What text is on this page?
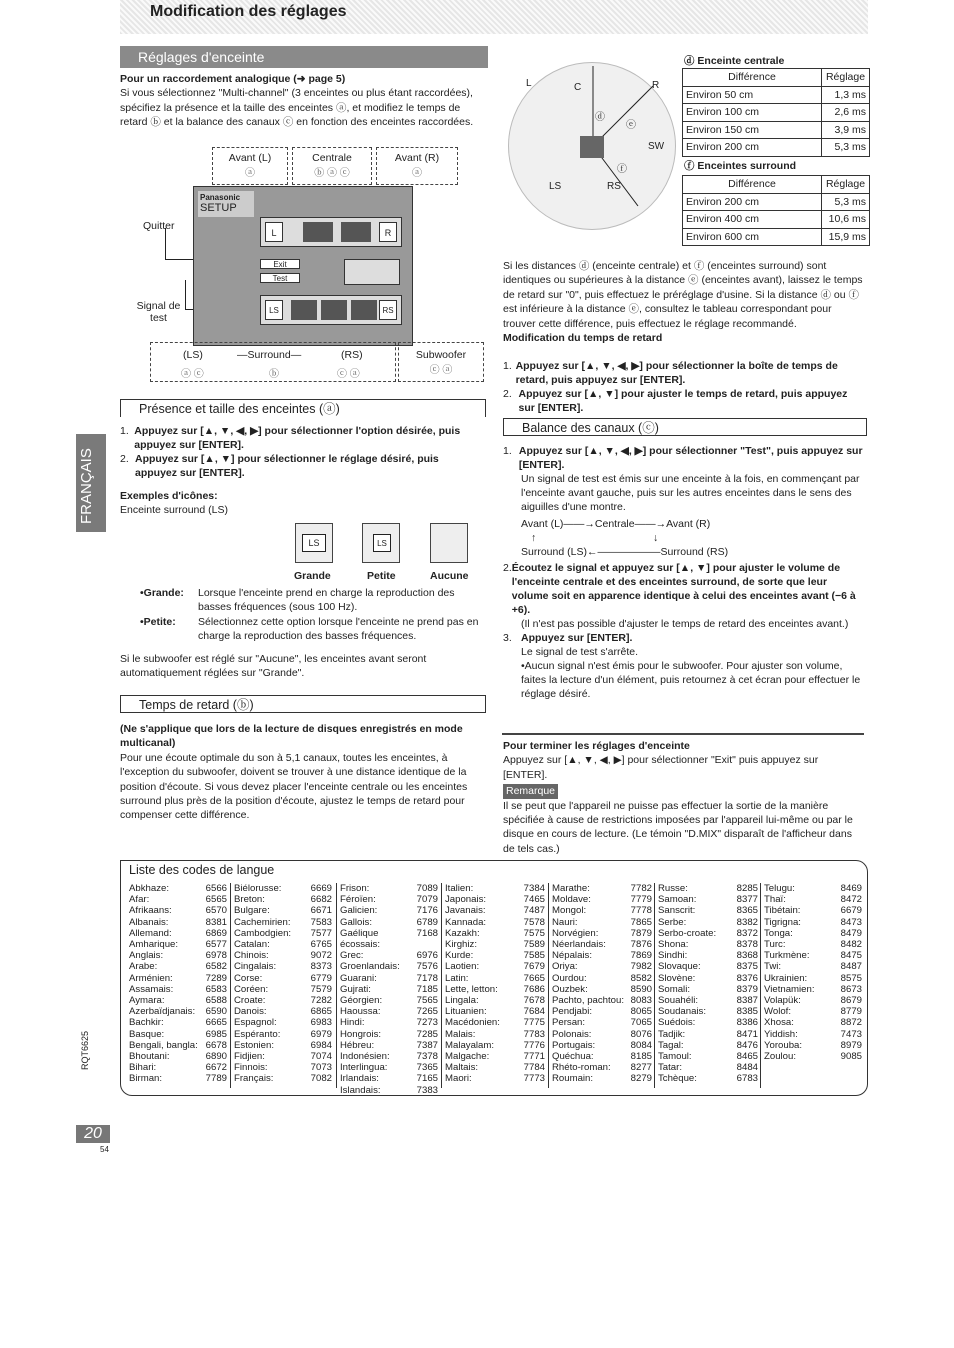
Modification des réglages
Réglages d'enceinte
Pour un raccordement analogique (➜ page 5)
Si vous sélectionnez "Multi-channel" (3 enceintes ou plus étant raccordées), spécifiez la présence et la taille des enceintes ⓐ, et modifiez le temps de retard ⓑ et la balance des canaux ⓒ en fonction des enceintes raccordées.
Avant (L)
ⓐ
Centrale
ⓑ ⓐ ⓒ
Avant (R)
ⓐ
Quitter
Signal de test
Panasonic
SETUP
L	R
Exit
Test
LS	RS
(LS)	—Surround—	(RS)
ⓐ ⓒ	ⓑ	ⓒ ⓐ
Subwoofer
ⓒ ⓐ
Présence et taille des enceintes (ⓐ)
1. Appuyez sur [▲, ▼, ◀, ▶] pour sélectionner l'option désirée, puis appuyez sur [ENTER].
2. Appuyez sur [▲, ▼] pour sélectionner le réglage désiré, puis appuyez sur [ENTER].
Exemples d'icônes:
Enceinte surround (LS)
LS	LS
Grande	Petite	Aucune
•Grande:	Lorsque l'enceinte prend en charge la reproduction des basses fréquences (sous 100 Hz).
•Petite:	Sélectionnez cette option lorsque l'enceinte ne prend pas en charge la reproduction des basses fréquences.
Si le subwoofer est réglé sur "Aucune", les enceintes avant seront automatiquement réglées sur "Grande".
Temps de retard (ⓑ)
(Ne s'applique que lors de la lecture de disques enregistrés en mode multicanal)
Pour une écoute optimale du son à 5,1 canaux, toutes les enceintes, à l'exception du subwoofer, doivent se trouver à une distance identique de la position d'écoute. Si vous devez placer l'enceinte centrale ou les enceintes surround plus près de la position d'écoute, ajustez le temps de retard pour compenser cette différence.
L	C	R
SW
LS	RS
ⓓ
ⓔ
ⓕ
ⓓ Enceinte centrale
Différence	Réglage
Environ 50 cm	1,3 ms
Environ 100 cm	2,6 ms
Environ 150 cm	3,9 ms
Environ 200 cm	5,3 ms
ⓕ Enceintes surround
Différence	Réglage
Environ 200 cm	5,3 ms
Environ 400 cm	10,6 ms
Environ 600 cm	15,9 ms
Si les distances ⓓ (enceinte centrale) et ⓕ (enceintes surround) sont identiques ou supérieures à la distance ⓔ (enceintes avant), laissez le temps de retard sur "0", puis effectuez le préréglage d'usine. Si la distance ⓓ ou ⓕ est inférieure à la distance ⓔ, consultez le tableau correspondant pour trouver cette différence, puis effectuez le réglage recommandé.
Modification du temps de retard
1. Appuyez sur [▲, ▼, ◀, ▶] pour sélectionner la boîte de temps de retard, puis appuyez sur [ENTER].
2. Appuyez sur [▲, ▼] pour ajuster le temps de retard, puis appuyez sur [ENTER].
Balance des canaux (ⓒ)
1. Appuyez sur [▲, ▼, ◀, ▶] pour sélectionner "Test", puis appuyez sur [ENTER].
Un signal de test est émis sur une enceinte à la fois, en commençant par l'enceinte avant gauche, puis sur les autres enceintes dans le sens des aiguilles d'une montre.
Avant (L)——→Centrale——→Avant (R)
↑                                        ↓
Surround (LS)←——————Surround (RS)
2. Écoutez le signal et appuyez sur [▲, ▼] pour ajuster le volume de l'enceinte centrale et des enceintes surround, de sorte que leur volume soit en apparence identique à celui des enceintes avant (−6 à +6).
(Il n'est pas possible d'ajuster le temps de retard des enceintes avant.)
3. Appuyez sur [ENTER].
Le signal de test s'arrête.
•Aucun signal n'est émis pour le subwoofer. Pour ajuster son volume, faites la lecture d'un élément, puis retournez à cet écran pour effectuer le réglage désiré.
Pour terminer les réglages d'enceinte
Appuyez sur [▲, ▼, ◀, ▶] pour sélectionner "Exit" puis appuyez sur [ENTER].
Remarque
Il se peut que l'appareil ne puisse pas effectuer la sortie de la manière spécifiée à cause de restrictions imposées par l'appareil lui-même ou par le disque en cours de lecture. (Le témoin "D.MIX" disparaît de l'afficheur dans de tels cas.)
FRANÇAIS
RQT6625
20
54
Liste des codes de langue
Abkhaze:	6566
Afar:	6565
Afrikaans:	6570
Albanais:	8381
Allemand:	6869
Amharique:	6577
Anglais:	6978
Arabe:	6582
Arménien:	7289
Assamais:	6583
Aymara:	6588
Azerbaïdjanais: 6590
Bachkir:	6665
Basque:	6985
Bengali, bangla: 6678
Bhoutani:	6890
Bihari:	6672
Birman:	7789
Biélorusse:	6669
Breton:	6682
Bulgare:	6671
Cachemirien: 7583
Cambodgien: 7577
Catalan:	6765
Chinois:	9072
Cingalais:	8373
Corse:	6779
Coréen:	7579
Croate:	7282
Danois:	6865
Espagnol:	6983
Espéranto:	6979
Estonien:	6984
Fidjien:	7074
Finnois:	7073
Français:	7082
Frison:	7089
Féroïen:	7079
Galicien:	7176
Gallois:	6789
Gaélique écossais:
7168
Grec:	6976
Groenlandais: 7576
Guarani:	7178
Gujrati:	7185
Géorgien:	7565
Haoussa:	7265
Hindi:	7273
Hongrois:	7285
Hébreu:	7387
Indonésien:	7378
Interlingua:	7365
Irlandais:	7165
Islandais:	7383
Italien:	7384
Japonais:	7465
Javanais:	7487
Kannada:	7578
Kazakh:	7575
Kirghiz:	7589
Kurde:	7585
Laotien:	7679
Latin:	7665
Lette, letton:	7686
Lingala:	7678
Lituanien:	7684
Macédonien: 7775
Malais:	7783
Malayalam:	7776
Malgache:	7771
Maltais:	7784
Maori:	7773
Marathe:	7782
Moldave:	7779
Mongol:	7778
Nauri:	7865
Norvégien:	7879
Néerlandais:	7876
Népalais:	7869
Oriya:	7982
Ourdou:	8582
Ouzbek:	8590
Pachto, pachtou: 8083
Pendjabi:	8065
Persan:	7065
Polonais:	8076
Portugais:	8084
Quéchua:	8185
Rhéto-roman: 8277
Roumain:	8279
Russe:	8285
Samoan:	8377
Sanscrit:	8365
Serbe:	8382
Serbo-croate: 8372
Shona:	8378
Sindhi:	8368
Slovaque:	8375
Slovène:	8376
Somali:	8379
Souahéli:	8387
Soudanais:	8385
Suédois:	8386
Tadjik:	8471
Tagal:	8476
Tamoul:	8465
Tatar:	8484
Tchèque:	6783
Telugu:	8469
Thaï:	8472
Tibétain:	6679
Tigrigna:	8473
Tonga:	8479
Turc:	8482
Turkmène:	8475
Twi:	8487
Ukrainien:	8575
Vietnamien:	8673
Volapük:	8679
Wolof:	8779
Xhosa:	8872
Yiddish:	7473
Yorouba:	8979
Zoulou:	9085
